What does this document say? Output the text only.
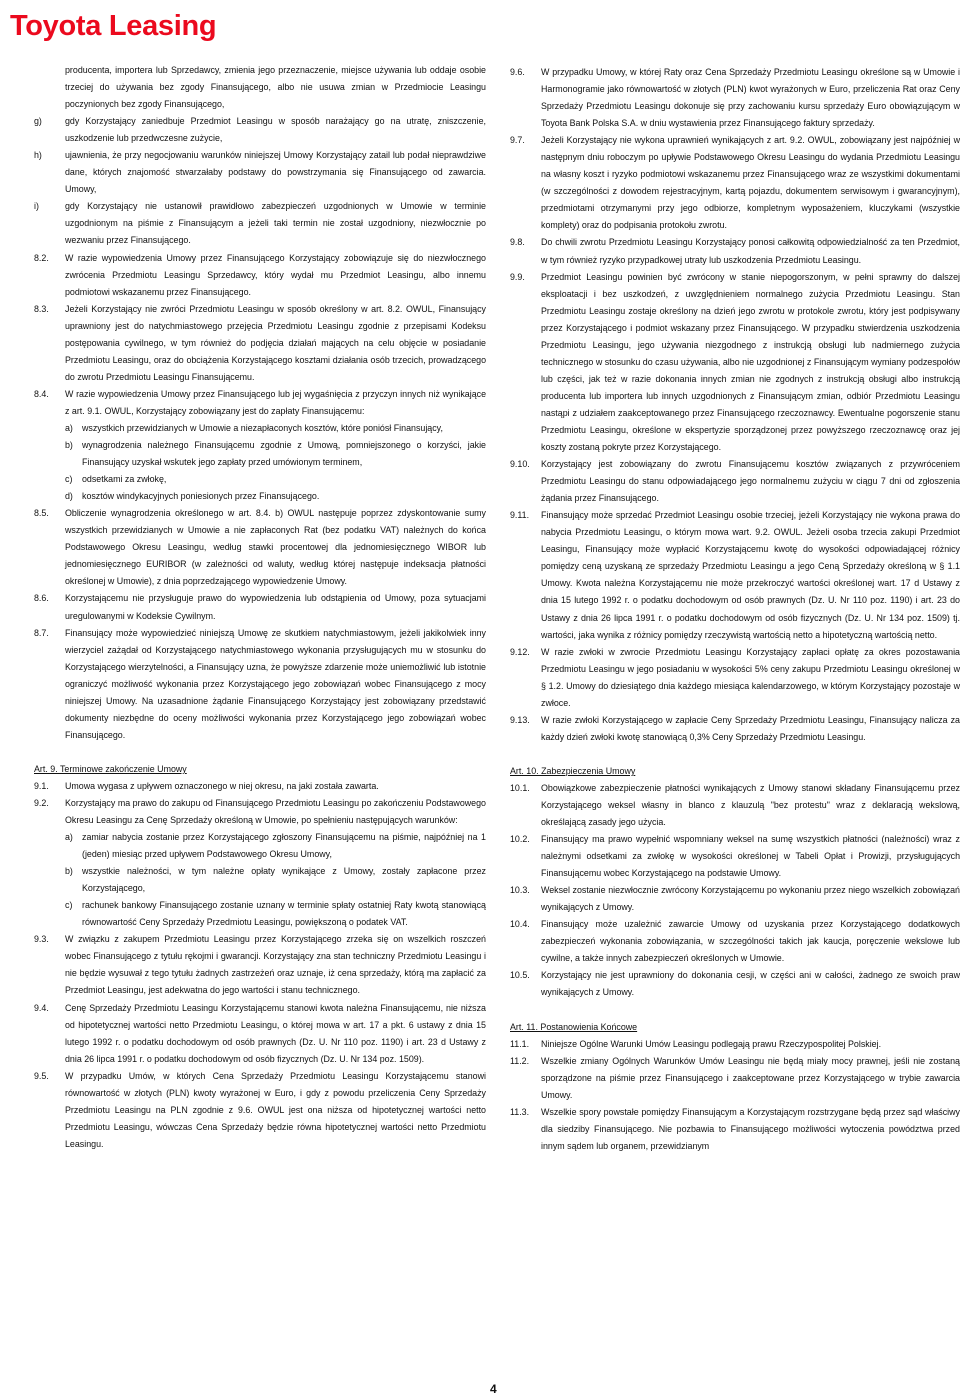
Toyota Leasing

producenta, importera lub Sprzedawcy, zmienia jego przeznaczenie, miejsce używania lub oddaje osobie trzeciej do używania bez zgody Finansującego, albo nie usuwa zmian w Przedmiocie Leasingu poczynionych bez zgody Finansującego,

g)	gdy Korzystający zaniedbuje Przedmiot Leasingu w sposób narażający go na utratę, zniszczenie, uszkodzenie lub przedwczesne zużycie,

h)	ujawnienia, że przy negocjowaniu warunków niniejszej Umowy Korzystający zatail lub podał nieprawdziwe dane, których znajomość stwarzałaby podstawy do powstrzymania się Finansującego od zawarcia. Umowy,

i)	gdy Korzystający nie ustanowił prawidłowo zabezpieczeń uzgodnionych w Umowie w terminie uzgodnionym na piśmie z Finansującym a jeżeli taki termin nie został uzgodniony, niezwłocznie po wezwaniu przez Finansującego.

8.2.	W razie wypowiedzenia Umowy przez Finansującego Korzystający zobowiązuje się do niezwłocznego zwrócenia Przedmiotu Leasingu Sprzedawcy, który wydał mu Przedmiot Leasingu, albo innemu podmiotowi wskazanemu przez Finansującego.

8.3.	Jeżeli Korzystający nie zwróci Przedmiotu Leasingu w sposób określony w art. 8.2. OWUL, Finansujący uprawniony jest do natychmiastowego przejęcia Przedmiotu Leasingu zgodnie z przepisami Kodeksu postępowania cywilnego, w tym również do podjęcia działań mających na celu objęcie w posiadanie Przedmiotu Leasingu, oraz do obciążenia Korzystającego kosztami działania osób trzecich, prowadzącego do zwrotu Przedmiotu Leasingu Finansującemu.

8.4.	W razie wypowiedzenia Umowy przez Finansującego lub jej wygaśnięcia z przyczyn innych niż wynikające z art. 9.1. OWUL, Korzystający zobowiązany jest do zapłaty Finansującemu:

a)	wszystkich przewidzianych w Umowie a niezapłaconych kosztów, które poniósł Finansujący,

b)	wynagrodzenia należnego Finansującemu zgodnie z Umową, pomniejszonego o korzyści, jakie Finansujący uzyskał wskutek jego zapłaty przed umówionym terminem,

c)	odsetkami za zwłokę,

d)	kosztów windykacyjnych poniesionych przez Finansującego.

8.5.	Obliczenie wynagrodzenia określonego w art. 8.4. b) OWUL następuje poprzez zdyskontowanie sumy wszystkich przewidzianych w Umowie a nie zapłaconych Rat (bez podatku VAT) należnych do końca Podstawowego Okresu Leasingu, według stawki procentowej dla jednomiesięcznego WIBOR lub jednomiesięcznego EURIBOR (w zależności od waluty, według której następuje indeksacja płatności określonej w Umowie), z dnia poprzedzającego wypowiedzenie Umowy.

8.6.	Korzystającemu nie przysługuje prawo do wypowiedzenia lub odstąpienia od Umowy, poza sytuacjami uregulowanymi w Kodeksie Cywilnym.

8.7.	Finansujący może wypowiedzieć niniejszą Umowę ze skutkiem natychmiastowym, jeżeli jakikolwiek inny wierzyciel zażądał od Korzystającego natychmiastowego wykonania przysługujących mu w stosunku do Korzystającego wierzytelności, a Finansujący uzna, że powyższe zdarzenie może uniemożliwić lub istotnie ograniczyć możliwość wykonania przez Korzystającego jego zobowiązań wobec Finansującego z mocy niniejszej Umowy. Na uzasadnione żądanie Finansującego Korzystający jest zobowiązany przedstawić dokumenty niezbędne do oceny możliwości wykonania przez Korzystającego jego zobowiązań wobec Finansującego.

Art. 9. Terminowe zakończenie Umowy

9.1.	Umowa wygasa z upływem oznaczonego w niej okresu, na jaki została zawarta.

9.2.	Korzystający ma prawo do zakupu od Finansującego Przedmiotu Leasingu po zakończeniu Podstawowego Okresu Leasingu za Cenę Sprzedaży określoną w Umowie, po spełnieniu następujących warunków:

a)	zamiar nabycia zostanie przez Korzystającego zgłoszony Finansującemu na piśmie, najpóźniej na 1 (jeden) miesiąc przed upływem Podstawowego Okresu Umowy,

b)	wszystkie należności, w tym należne opłaty wynikające z Umowy, zostały zapłacone przez Korzystającego,

c)	rachunek bankowy Finansującego zostanie uznany w terminie spłaty ostatniej Raty kwotą stanowiącą równowartość Ceny Sprzedaży Przedmiotu Leasingu, powiększoną o podatek VAT.

9.3.	W związku z zakupem Przedmiotu Leasingu przez Korzystającego zrzeka się on wszelkich roszczeń wobec Finansującego z tytułu rękojmi i gwarancji. Korzystający zna stan techniczny Przedmiotu Leasingu i nie będzie wysuwał z tego tytułu żadnych zastrzeżeń oraz uznaje, iż cena sprzedaży, którą ma zapłacić za Przedmiot Leasingu, jest adekwatna do jego wartości i stanu technicznego.

9.4.	Cenę Sprzedaży Przedmiotu Leasingu Korzystającemu stanowi kwota należna Finansującemu, nie niższa od hipotetycznej wartości netto Przedmiotu Leasingu, o której mowa w art. 17 a pkt. 6 ustawy z dnia 15 lutego 1992 r. o podatku dochodowym od osób prawnych (Dz. U. Nr 110 poz. 1190) i art. 23 d Ustawy z dnia 26 lipca 1991 r. o podatku dochodowym od osób fizycznych (Dz. U. Nr 134 poz. 1509).

9.5.	W przypadku Umów, w których Cena Sprzedaży Przedmiotu Leasingu Korzystającemu stanowi równowartość w złotych (PLN) kwoty wyrażonej w Euro, i gdy z powodu przeliczenia Ceny Sprzedaży Przedmiotu Leasingu na PLN zgodnie z 9.6. OWUL jest ona niższa od hipotetycznej wartości netto Przedmiotu Leasingu, wówczas Cena Sprzedaży będzie równa hipotetycznej wartości netto Przedmiotu Leasingu.

9.6.	W przypadku Umowy, w której Raty oraz Cena Sprzedaży Przedmiotu Leasingu określone są w Umowie i Harmonogramie jako równowartość w złotych (PLN) kwot wyrażonych w Euro, przeliczenia Rat oraz Ceny Sprzedaży Przedmiotu Leasingu dokonuje się przy zachowaniu kursu sprzedaży Euro obowiązującym w Toyota Bank Polska S.A. w dniu wystawienia przez Finansującego faktury sprzedaży.

9.7.	Jeżeli Korzystający nie wykona uprawnień wynikających z art. 9.2. OWUL, zobowiązany jest najpóźniej w następnym dniu roboczym po upływie Podstawowego Okresu Leasingu do wydania Przedmiotu Leasingu na własny koszt i ryzyko podmiotowi wskazanemu przez Finansującego wraz ze wszystkimi dokumentami (w szczególności z dowodem rejestracyjnym, kartą pojazdu, dokumentem serwisowym i gwarancyjnym), przedmiotami otrzymanymi przy jego odbiorze, kompletnym wyposażeniem, kluczykami (wszystkie komplety) oraz do podpisania protokołu zwrotu.

9.8.	Do chwili zwrotu Przedmiotu Leasingu Korzystający ponosi całkowitą odpowiedzialność za ten Przedmiot, w tym również ryzyko przypadkowej utraty lub uszkodzenia Przedmiotu Leasingu.

9.9.	Przedmiot Leasingu powinien być zwrócony w stanie niepogorszonym, w pełni sprawny do dalszej eksploatacji i bez uszkodzeń, z uwzględnieniem normalnego zużycia Przedmiotu Leasingu. Stan Przedmiotu Leasingu zostaje określony na dzień jego zwrotu w protokole zwrotu, który jest podpisywany przez Korzystającego i podmiot wskazany przez Finansującego. W przypadku stwierdzenia uszkodzenia Przedmiotu Leasingu, jego używania niezgodnego z instrukcją obsługi lub nadmiernego zużycia technicznego w stosunku do czasu używania, albo nie uzgodnionej z Finansującym wymiany podzespołów lub części, jak też w razie dokonania innych zmian nie zgodnych z instrukcją obsługi albo instrukcją producenta lub importera lub innych uzgodnionych z Finansującym zmian, odbiór Przedmiotu Leasingu nastąpi z udziałem zaakceptowanego przez Finansującego rzeczoznawcy. Ewentualne pogorszenie stanu Przedmiotu Leasingu, określone w ekspertyzie sporządzonej przez powyższego rzeczoznawcę oraz jej koszty zostaną pokryte przez Korzystającego.

9.10.	Korzystający jest zobowiązany do zwrotu Finansującemu kosztów związanych z przywróceniem Przedmiotu Leasingu do stanu odpowiadającego jego normalnemu zużyciu w ciągu 7 dni od zgłoszenia żądania przez Finansującego.

9.11.	Finansujący może sprzedać Przedmiot Leasingu osobie trzeciej, jeżeli Korzystający nie wykona prawa do nabycia Przedmiotu Leasingu, o którym mowa wart. 9.2. OWUL. Jeżeli osoba trzecia zakupi Przedmiot Leasingu, Finansujący może wypłacić Korzystającemu kwotę do wysokości odpowiadającej różnicy pomiędzy ceną uzyskaną ze sprzedaży Przedmiotu Leasingu a jego Ceną Sprzedaży określoną w § 1.1 Umowy. Kwota należna Korzystającemu nie może przekroczyć wartości określonej wart. 17 d Ustawy z dnia 15 lutego 1992 r. o podatku dochodowym od osób prawnych (Dz. U. Nr 110 poz. 1190) i art. 23 do Ustawy z dnia 26 lipca 1991 r. o podatku dochodowym od osób fizycznych (Dz. U. Nr 134 poz. 1509) tj. wartości, jaka wynika z różnicy pomiędzy rzeczywistą wartością netto a hipotetyczną wartością netto.

9.12.	W razie zwłoki w zwrocie Przedmiotu Leasingu Korzystający zapłaci opłatę za okres pozostawania Przedmiotu Leasingu w jego posiadaniu w wysokości 5% ceny zakupu Przedmiotu Leasingu określonej w § 1.2. Umowy do dziesiątego dnia każdego miesiąca kalendarzowego, w którym Korzystający pozostaje w zwłoce.

9.13.	W razie zwłoki Korzystającego w zapłacie Ceny Sprzedaży Przedmiotu Leasingu, Finansujący nalicza za każdy dzień zwłoki kwotę stanowiącą 0,3% Ceny Sprzedaży Przedmiotu Leasingu.

Art. 10. Zabezpieczenia Umowy

10.1.	Obowiązkowe zabezpieczenie płatności wynikających z Umowy stanowi składany Finansującemu przez Korzystającego weksel własny in blanco z klauzulą "bez protestu" wraz z deklaracją wekslową, określającą zasady jego użycia.

10.2.	Finansujący ma prawo wypełnić wspomniany weksel na sumę wszystkich płatności (należności) wraz z należnymi odsetkami za zwłokę w wysokości określonej w Tabeli Opłat i Prowizji, przysługujących Finansującemu wobec Korzystającego na podstawie Umowy.

10.3.	Weksel zostanie niezwłocznie zwrócony Korzystającemu po wykonaniu przez niego wszelkich zobowiązań wynikających z Umowy.

10.4.	Finansujący może uzależnić zawarcie Umowy od uzyskania przez Korzystającego dodatkowych zabezpieczeń wykonania zobowiązania, w szczególności takich jak kaucja, poręczenie wekslowe lub cywilne, a także innych zabezpieczeń określonych w Umowie.

10.5.	Korzystający nie jest uprawniony do dokonania cesji, w części ani w całości, żadnego ze swoich praw wynikających z Umowy.

Art. 11. Postanowienia Końcowe

11.1.	Niniejsze Ogólne Warunki Umów Leasingu podlegają prawu Rzeczypospolitej Polskiej.

11.2.	Wszelkie zmiany Ogólnych Warunków Umów Leasingu nie będą miały mocy prawnej, jeśli nie zostaną sporządzone na piśmie przez Finansującego i zaakceptowane przez Korzystającego w trybie zawarcia Umowy.

11.3.	Wszelkie spory powstałe pomiędzy Finansującym a Korzystającym rozstrzygane będą przez sąd właściwy dla siedziby Finansującego. Nie pozbawia to Finansującego możliwości wytoczenia powództwa przed innym sądem lub organem, przewidzianym

4
